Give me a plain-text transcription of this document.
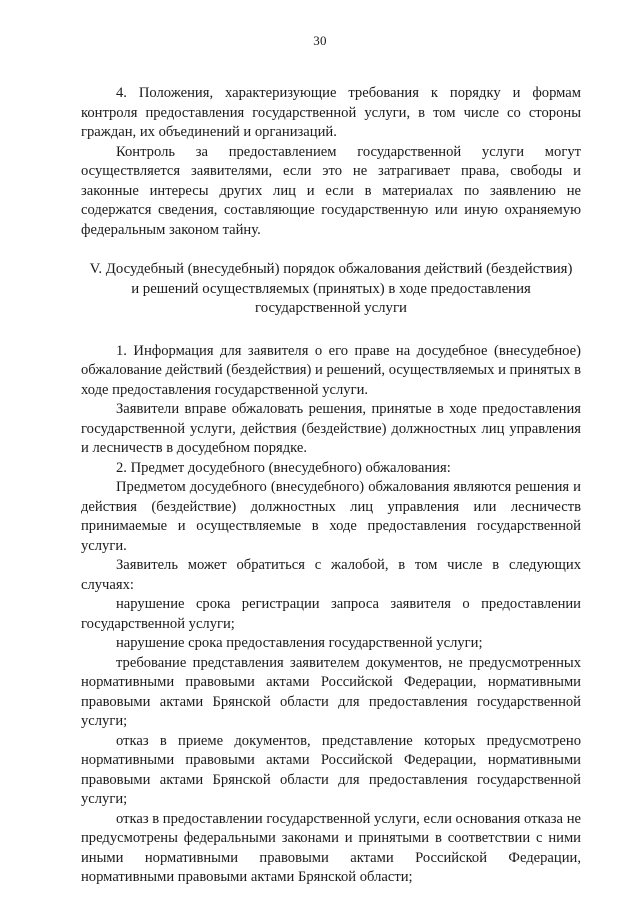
30

4. Положения, характеризующие требования к порядку и формам контроля предоставления государственной услуги, в том числе со стороны граждан, их объединений и организаций.

Контроль за предоставлением государственной услуги могут осуществляется заявителями, если это не затрагивает права, свободы и законные интересы других лиц и если в материалах по заявлению не содержатся сведения, составляющие государственную или иную охраняемую федеральным законом тайну.

V. Досудебный (внесудебный) порядок обжалования действий (бездействия)
и решений осуществляемых (принятых) в ходе предоставления
государственной услуги

1. Информация для заявителя о его праве на досудебное (внесудебное) обжалование действий (бездействия) и решений, осуществляемых и принятых в ходе предоставления государственной услуги.

Заявители вправе обжаловать решения, принятые в ходе предоставления государственной услуги, действия (бездействие) должностных лиц управления и лесничеств в досудебном порядке.

2. Предмет досудебного (внесудебного) обжалования:

Предметом досудебного (внесудебного) обжалования являются решения и действия (бездействие) должностных лиц управления или лесничеств принимаемые и осуществляемые в ходе предоставления государственной услуги.

Заявитель может обратиться с жалобой, в том числе в следующих случаях:

нарушение срока регистрации запроса заявителя о предоставлении государственной услуги;

нарушение срока предоставления государственной услуги;

требование представления заявителем документов, не предусмотренных нормативными правовыми актами Российской Федерации, нормативными правовыми актами Брянской области для предоставления государственной услуги;

отказ в приеме документов, представление которых предусмотрено нормативными правовыми актами Российской Федерации, нормативными правовыми актами Брянской области для предоставления государственной услуги;

отказ в предоставлении государственной услуги, если основания отказа не предусмотрены федеральными законами и принятыми в соответствии с ними иными нормативными правовыми актами Российской Федерации, нормативными правовыми актами Брянской области;
